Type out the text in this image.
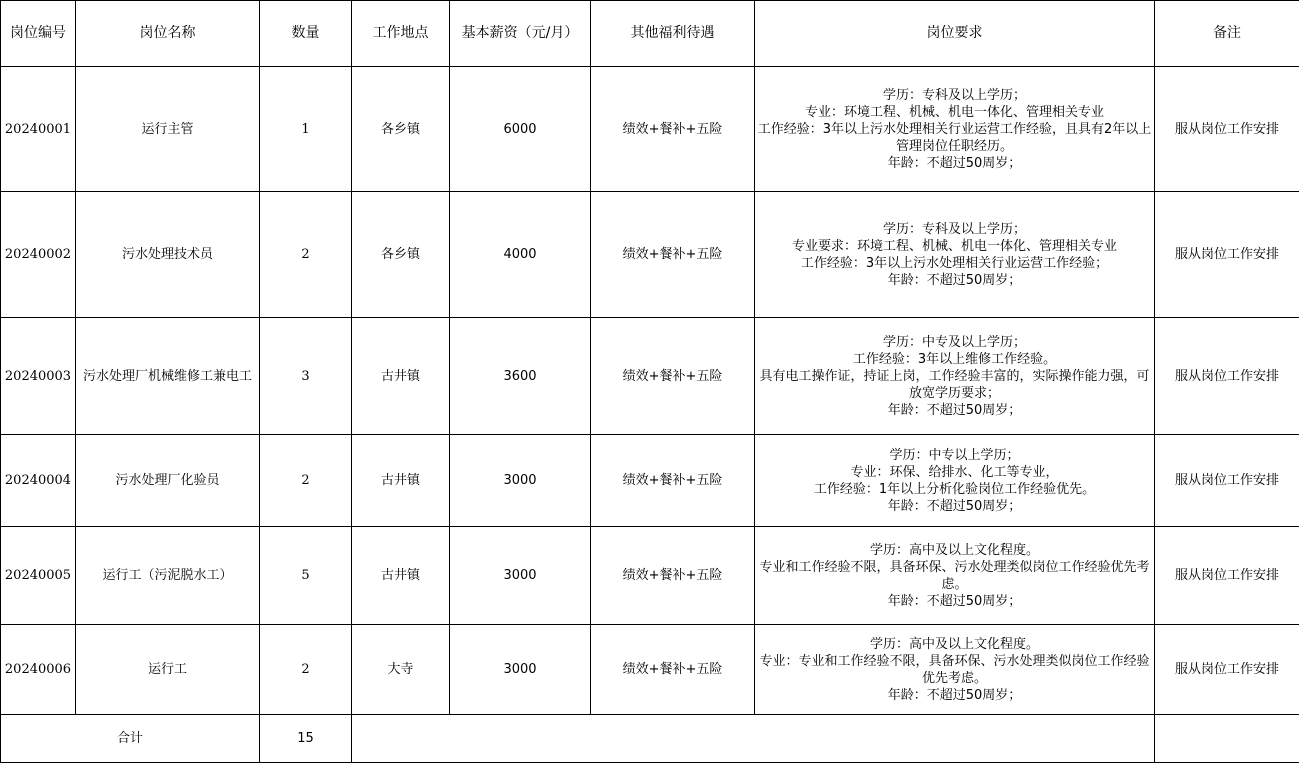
岗位编号	岗位名称	数量	工作地点	基本薪资（元/月）	其他福利待遇	岗位要求	备注
20240001	运行主管	1	各乡镇	6000	绩效+餐补+五险	学历：专科及以上学历；
专业：环境工程、机械、机电一体化、管理相关专业
工作经验：3年以上污水处理相关行业运营工作经验，且具有2年以上管理岗位任职经历。
年龄：不超过50周岁；	服从岗位工作安排
20240002	污水处理技术员	2	各乡镇	4000	绩效+餐补+五险	学历：专科及以上学历；
专业要求：环境工程、机械、机电一体化、管理相关专业
工作经验：3年以上污水处理相关行业运营工作经验；
年龄：不超过50周岁；	服从岗位工作安排
20240003	污水处理厂机械维修工兼电工	3	古井镇	3600	绩效+餐补+五险	学历：中专及以上学历；
工作经验：3年以上维修工作经验。
具有电工操作证，持证上岗，工作经验丰富的，实际操作能力强，可放宽学历要求；
年龄：不超过50周岁；	服从岗位工作安排
20240004	污水处理厂化验员	2	古井镇	3000	绩效+餐补+五险	学历：中专以上学历；
专业：环保、给排水、化工等专业，
工作经验：1年以上分析化验岗位工作经验优先。
年龄：不超过50周岁；	服从岗位工作安排
20240005	运行工（污泥脱水工）	5	古井镇	3000	绩效+餐补+五险	学历：高中及以上文化程度。
专业和工作经验不限，具备环保、污水处理类似岗位工作经验优先考虑。
年龄：不超过50周岁；	服从岗位工作安排
20240006	运行工	2	大寺	3000	绩效+餐补+五险	学历：高中及以上文化程度。
专业：专业和工作经验不限，具备环保、污水处理类似岗位工作经验优先考虑。
年龄：不超过50周岁；	服从岗位工作安排
合计		15					
